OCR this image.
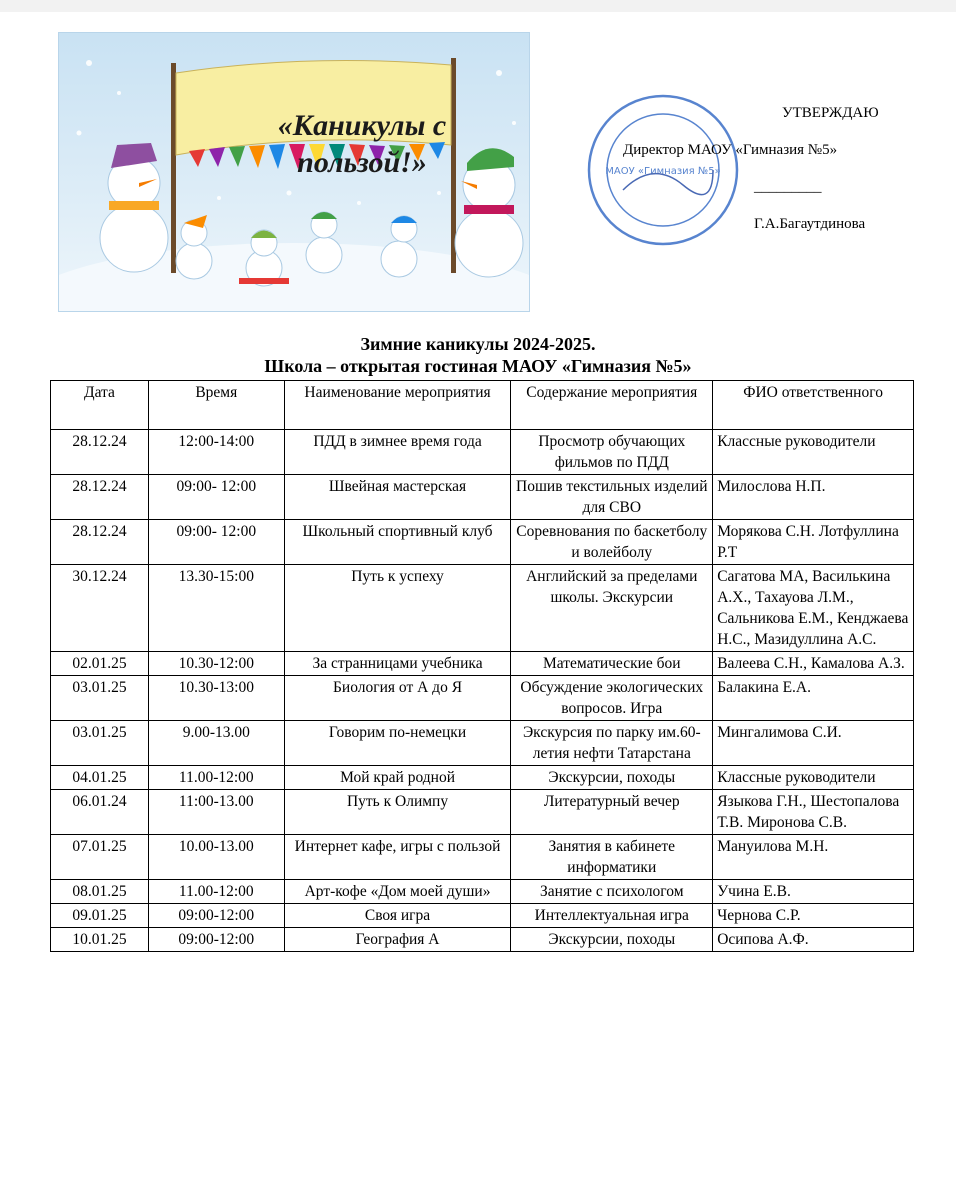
«Каникулы с пользой!»	МАОУ «Гимназия №5»
УТВЕРЖДАЮ
Директор МАОУ «Гимназия №5»
_________ Г.А.Багаутдинова
Зимние каникулы 2024-2025.
Школа – открытая гостиная МАОУ «Гимназия №5»
Дата	Время	Наименование мероприятия	Содержание мероприятия	ФИО ответственного
28.12.24	12:00-14:00	ПДД в зимнее время года	Просмотр обучающих фильмов по ПДД	Классные руководители
28.12.24	09:00- 12:00	Швейная мастерская	Пошив текстильных изделий для СВО	Милослова Н.П.
28.12.24	09:00- 12:00	Школьный спортивный клуб	Соревнования по баскетболу и волейболу	Морякова С.Н. Лотфуллина Р.Т
30.12.24	13.30-15:00	Путь к успеху	Английский за пределами школы. Экскурсии	Сагатова МА, Василькина А.Х., Тахауова Л.М., Сальникова Е.М., Кенджаева Н.С., Мазидуллина А.С.
02.01.25	10.30-12:00	За странницами учебника	Математические бои	Валеева С.Н., Камалова А.З.
03.01.25	10.30-13:00	Биология от А до Я	Обсуждение экологических вопросов. Игра	Балакина Е.А.
03.01.25	9.00-13.00	Говорим по-немецки	Экскурсия по парку им.60-летия нефти Татарстана	Мингалимова С.И.
04.01.25	11.00-12:00	Мой край родной	Экскурсии, походы	Классные руководители
06.01.24	11:00-13.00	Путь к Олимпу	Литературный вечер	Языкова Г.Н., Шестопалова Т.В. Миронова С.В.
07.01.25	10.00-13.00	Интернет кафе, игры с пользой	Занятия в кабинете информатики	Мануилова М.Н.
08.01.25	11.00-12:00	Арт-кофе «Дом моей души»	Занятие с психологом	Учина Е.В.
09.01.25	09:00-12:00	Своя игра	Интеллектуальная игра	Чернова С.Р.
10.01.25	09:00-12:00	География А	Экскурсии, походы	Осипова А.Ф.
